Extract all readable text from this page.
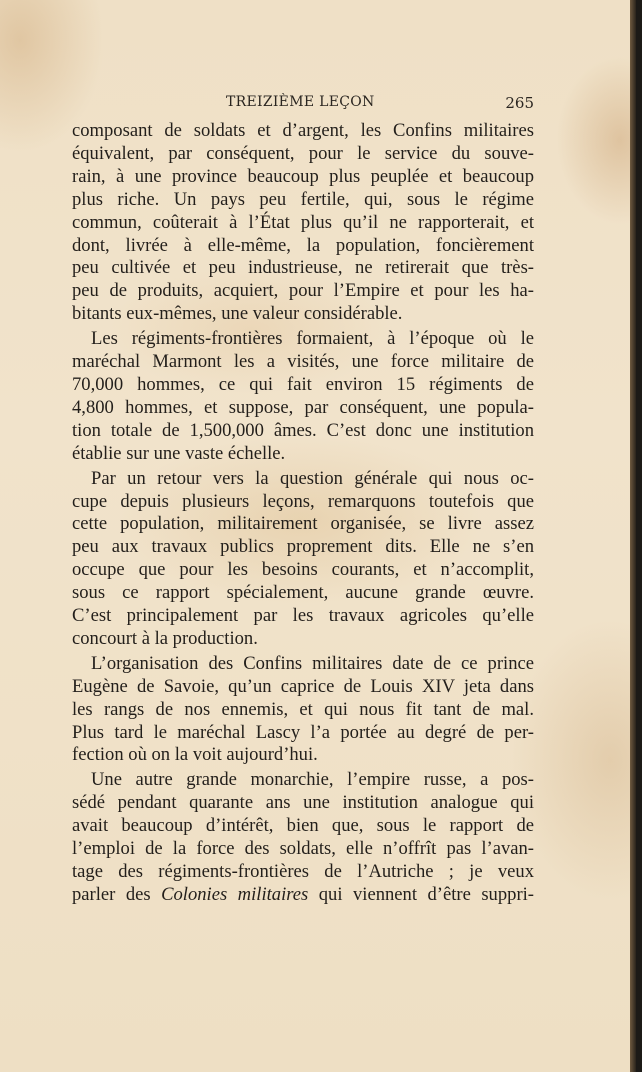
TREIZIÈME LEÇON	265
composant de soldats et d’argent, les Confins militaires
équivalent, par conséquent, pour le service du souve-
rain, à une province beaucoup plus peuplée et beaucoup
plus riche. Un pays peu fertile, qui, sous le régime
commun, coûterait à l’État plus qu’il ne rapporterait, et
dont, livrée à elle-même, la population, foncièrement
peu cultivée et peu industrieuse, ne retirerait que très-
peu de produits, acquiert, pour l’Empire et pour les ha-
bitants eux-mêmes, une valeur considérable.
Les régiments-frontières formaient, à l’époque où le
maréchal Marmont les a visités, une force militaire de
70,000 hommes, ce qui fait environ 15 régiments de
4,800 hommes, et suppose, par conséquent, une popula-
tion totale de 1,500,000 âmes. C’est donc une institution
établie sur une vaste échelle.
Par un retour vers la question générale qui nous oc-
cupe depuis plusieurs leçons, remarquons toutefois que
cette population, militairement organisée, se livre assez
peu aux travaux publics proprement dits. Elle ne s’en
occupe que pour les besoins courants, et n’accomplit,
sous ce rapport spécialement, aucune grande œuvre.
C’est principalement par les travaux agricoles qu’elle
concourt à la production.
L’organisation des Confins militaires date de ce prince
Eugène de Savoie, qu’un caprice de Louis XIV jeta dans
les rangs de nos ennemis, et qui nous fit tant de mal.
Plus tard le maréchal Lascy l’a portée au degré de per-
fection où on la voit aujourd’hui.
Une autre grande monarchie, l’empire russe, a pos-
sédé pendant quarante ans une institution analogue qui
avait beaucoup d’intérêt, bien que, sous le rapport de
l’emploi de la force des soldats, elle n’offrît pas l’avan-
tage des régiments-frontières de l’Autriche ; je veux
parler des Colonies militaires qui viennent d’être suppri-
